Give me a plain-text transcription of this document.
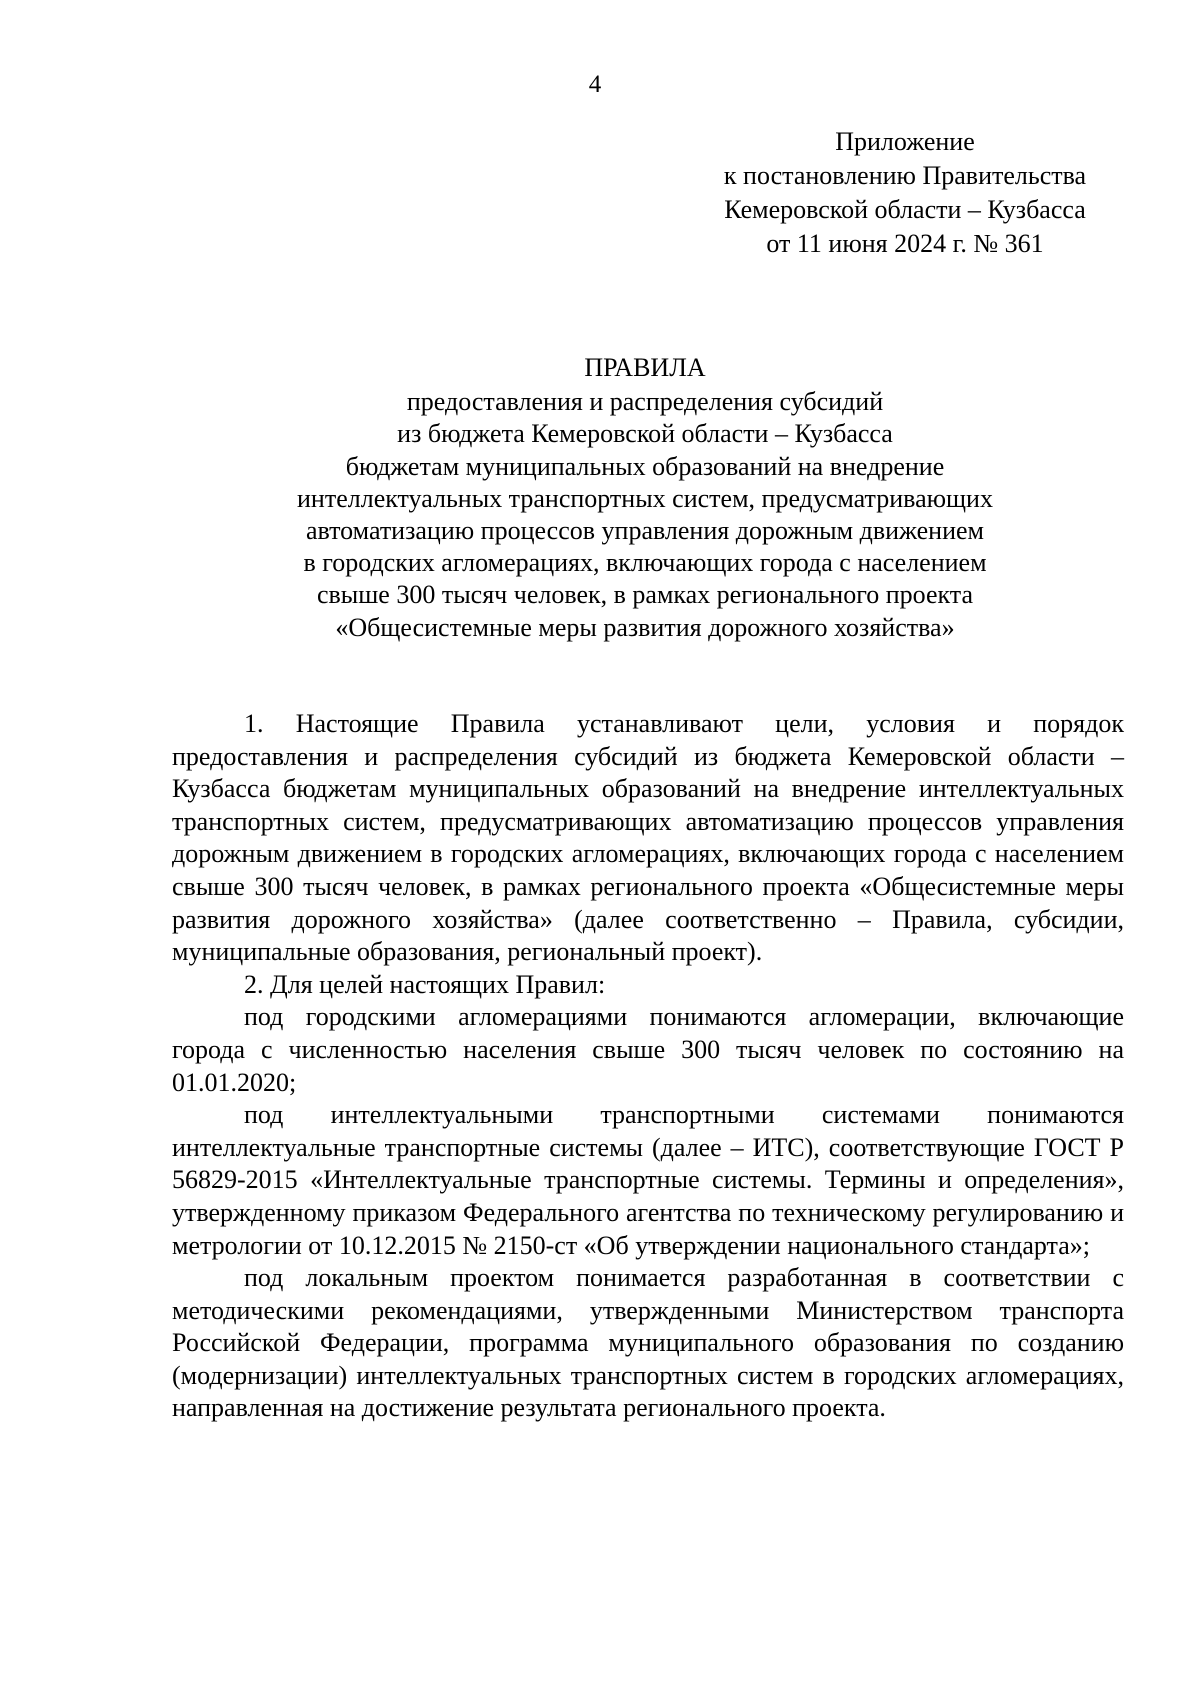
4
Приложение
к постановлению Правительства
Кемеровской области – Кузбасса
от 11 июня 2024 г. № 361
ПРАВИЛА
предоставления и распределения субсидий
из бюджета Кемеровской области – Кузбасса
бюджетам муниципальных образований на внедрение
интеллектуальных транспортных систем, предусматривающих
автоматизацию процессов управления дорожным движением
в городских агломерациях, включающих города с населением
свыше 300 тысяч человек, в рамках регионального проекта
«Общесистемные меры развития дорожного хозяйства»

1. Настоящие Правила устанавливают цели, условия и порядок предоставления и распределения субсидий из бюджета Кемеровской области – Кузбасса бюджетам муниципальных образований на внедрение интеллектуальных транспортных систем, предусматривающих автоматизацию процессов управления дорожным движением в городских агломерациях, включающих города с населением свыше 300 тысяч человек, в рамках регионального проекта «Общесистемные меры развития дорожного хозяйства» (далее соответственно – Правила, субсидии, муниципальные образования, региональный проект).

2. Для целей настоящих Правил:

под городскими агломерациями понимаются агломерации, включающие города с численностью населения свыше 300 тысяч человек по состоянию на 01.01.2020;

под интеллектуальными транспортными системами понимаются интеллектуальные транспортные системы (далее – ИТС), соответствующие ГОСТ Р 56829-2015 «Интеллектуальные транспортные системы. Термины и определения», утвержденному приказом Федерального агентства по техническому регулированию и метрологии от 10.12.2015 № 2150-ст «Об утверждении национального стандарта»;

под локальным проектом понимается разработанная в соответствии с методическими рекомендациями, утвержденными Министерством транспорта Российской Федерации, программа муниципального образования по созданию (модернизации) интеллектуальных транспортных систем в городских агломерациях, направленная на достижение результата регионального проекта.
